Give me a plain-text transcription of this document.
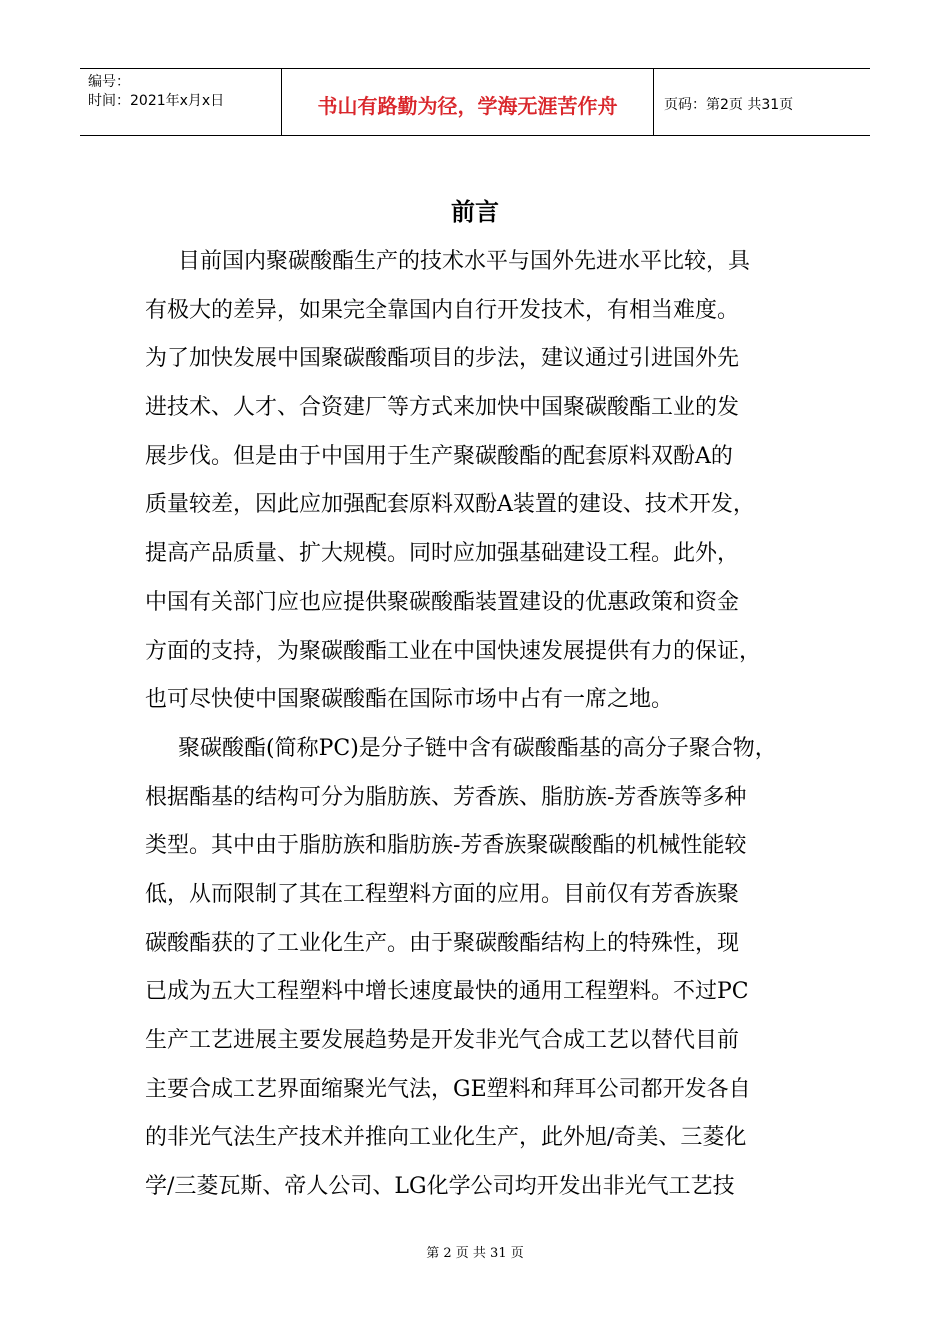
编号：
时间：2021年x月x日	书山有路勤为径，学海无涯苦作舟	页码：第2页 共31页
前言
目前国内聚碳酸酯生产的技术水平与国外先进水平比较，具
有极大的差异，如果完全靠国内自行开发技术，有相当难度。
为了加快发展中国聚碳酸酯项目的步法，建议通过引进国外先
进技术、人才、合资建厂等方式来加快中国聚碳酸酯工业的发
展步伐。但是由于中国用于生产聚碳酸酯的配套原料双酚A的
质量较差，因此应加强配套原料双酚A装置的建设、技术开发，
提高产品质量、扩大规模。同时应加强基础建设工程。此外，
中国有关部门应也应提供聚碳酸酯装置建设的优惠政策和资金
方面的支持，为聚碳酸酯工业在中国快速发展提供有力的保证，
也可尽快使中国聚碳酸酯在国际市场中占有一席之地。
聚碳酸酯(简称PC)是分子链中含有碳酸酯基的高分子聚合物，
根据酯基的结构可分为脂肪族、芳香族、脂肪族-芳香族等多种
类型。其中由于脂肪族和脂肪族-芳香族聚碳酸酯的机械性能较
低，从而限制了其在工程塑料方面的应用。目前仅有芳香族聚
碳酸酯获的了工业化生产。由于聚碳酸酯结构上的特殊性，现
已成为五大工程塑料中增长速度最快的通用工程塑料。不过PC
生产工艺进展主要发展趋势是开发非光气合成工艺以替代目前
主要合成工艺界面缩聚光气法，GE塑料和拜耳公司都开发各自
的非光气法生产技术并推向工业化生产，此外旭/奇美、三菱化
学/三菱瓦斯、帝人公司、LG化学公司均开发出非光气工艺技
第 2 页 共 31 页
